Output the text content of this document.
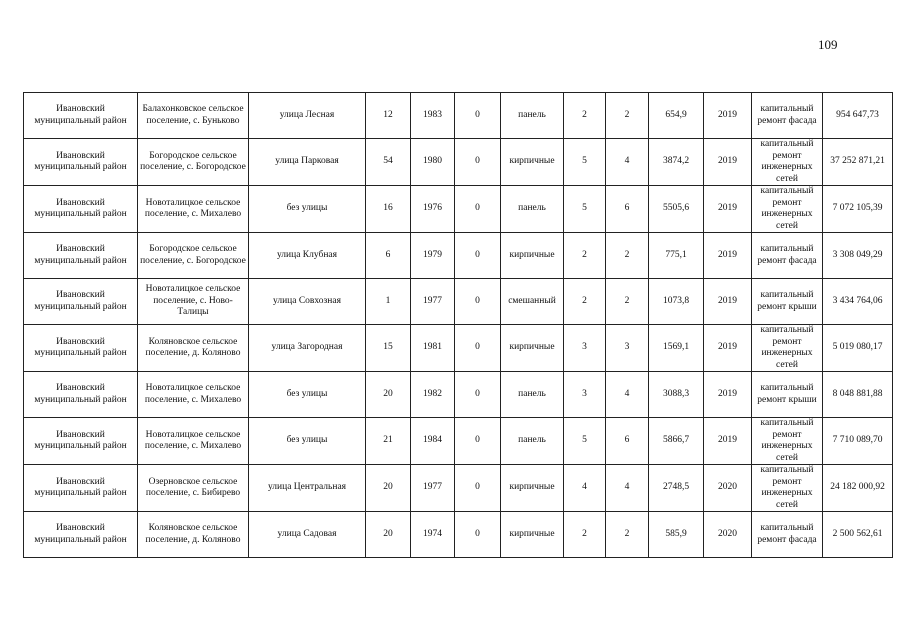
109
Ивановский муниципальный район	Балахонковское сельское поселение, с. Буньково	улица Лесная	12	1983	0	панель	2	2	654,9	2019	капитальный ремонт фасада	954 647,73
Ивановский муниципальный район	Богородское сельское поселение, с. Богородское	улица Парковая	54	1980	0	кирпичные	5	4	3874,2	2019	капитальный ремонт инженерных сетей	37 252 871,21
Ивановский муниципальный район	Новоталицкое сельское поселение, с. Михалево	без улицы	16	1976	0	панель	5	6	5505,6	2019	капитальный ремонт инженерных сетей	7 072 105,39
Ивановский муниципальный район	Богородское сельское поселение, с. Богородское	улица Клубная	6	1979	0	кирпичные	2	2	775,1	2019	капитальный ремонт фасада	3 308 049,29
Ивановский муниципальный район	Новоталицкое сельское поселение, с. Ново-Талицы	улица Совхозная	1	1977	0	смешанный	2	2	1073,8	2019	капитальный ремонт крыши	3 434 764,06
Ивановский муниципальный район	Коляновское сельское поселение, д. Коляново	улица Загородная	15	1981	0	кирпичные	3	3	1569,1	2019	капитальный ремонт инженерных сетей	5 019 080,17
Ивановский муниципальный район	Новоталицкое сельское поселение, с. Михалево	без улицы	20	1982	0	панель	3	4	3088,3	2019	капитальный ремонт крыши	8 048 881,88
Ивановский муниципальный район	Новоталицкое сельское поселение, с. Михалево	без улицы	21	1984	0	панель	5	6	5866,7	2019	капитальный ремонт инженерных сетей	7 710 089,70
Ивановский муниципальный район	Озерновское сельское поселение, с. Бибирево	улица Центральная	20	1977	0	кирпичные	4	4	2748,5	2020	капитальный ремонт инженерных сетей	24 182 000,92
Ивановский муниципальный район	Коляновское сельское поселение, д. Коляново	улица Садовая	20	1974	0	кирпичные	2	2	585,9	2020	капитальный ремонт фасада	2 500 562,61
